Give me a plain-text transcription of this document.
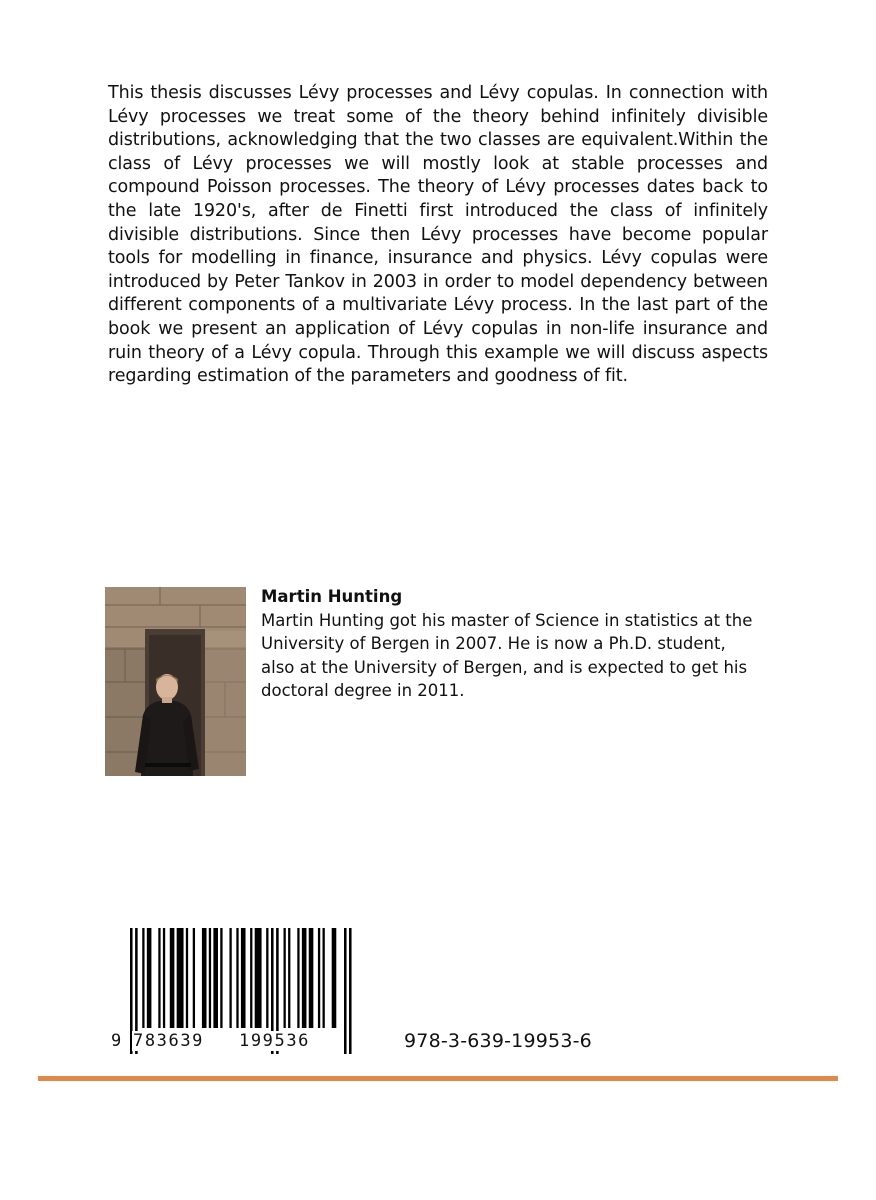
This thesis discusses Lévy processes and Lévy copulas. In connection with Lévy processes we treat some of the theory behind infinitely divisible distributions, acknowledging that the two classes are equivalent.Within the class of Lévy processes we will mostly look at stable processes and compound Poisson processes. The theory of Lévy processes dates back to the late 1920's, after de Finetti first introduced the class of infinitely divisible distributions. Since then Lévy processes have become popular tools for modelling in finance, insurance and physics. Lévy copulas were introduced by Peter Tankov in 2003 in order to model dependency between different components of a multivariate Lévy process. In the last part of the book we present an application of Lévy copulas in non-life insurance and ruin theory of a Lévy copula. Through this example we will discuss aspects regarding estimation of the parameters and goodness of fit.

Martin Hunting

Martin Hunting got his master of Science in statistics at the University of Bergen in 2007. He is now a Ph.D. student, also at the University of Bergen, and is expected to get his doctoral degree in 2011.

9 783639 199536	978-3-639-19953-6
